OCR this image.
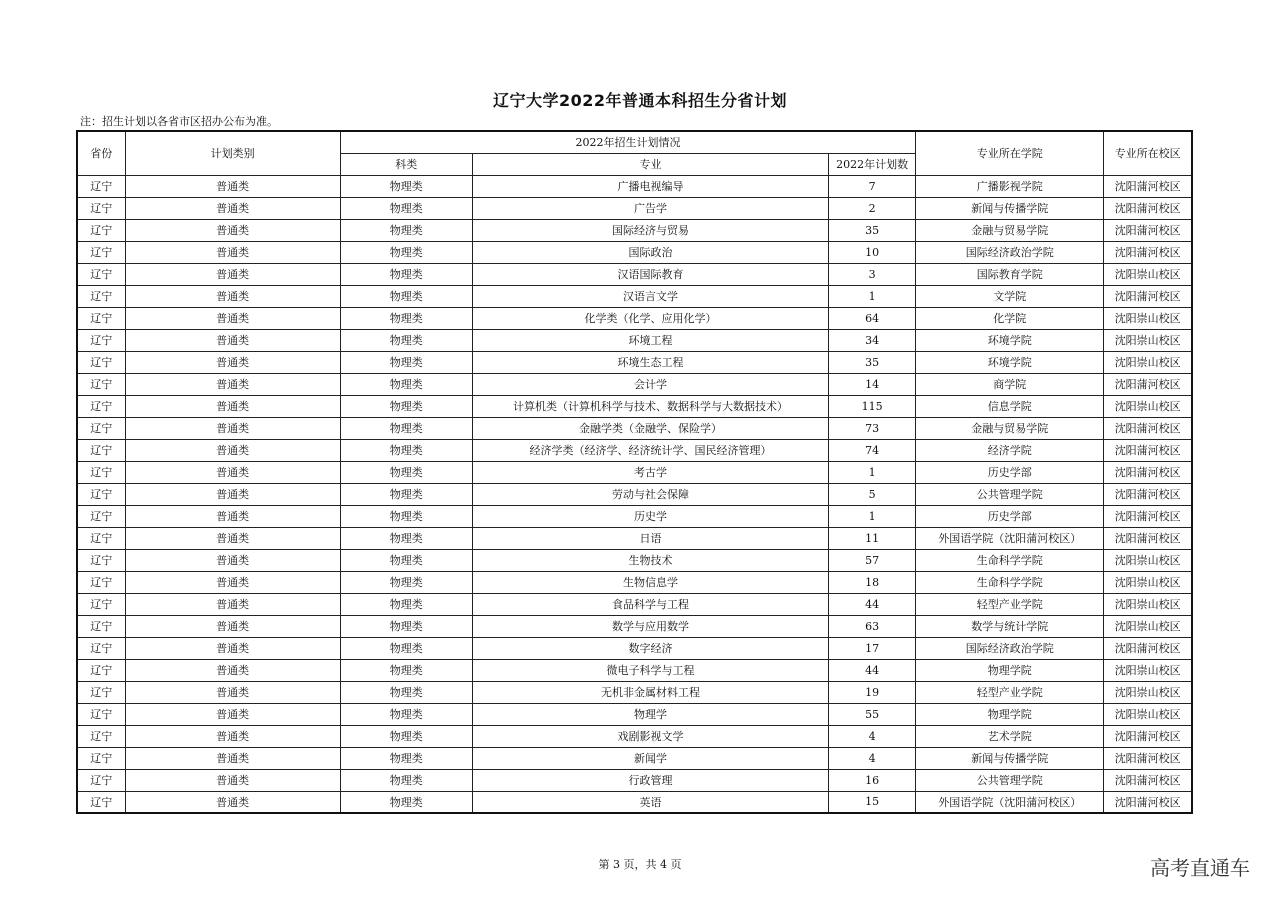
辽宁大学2022年普通本科招生分省计划
注：招生计划以各省市区招办公布为准。
省份	计划类别	2022年招生计划情况			专业所在学院	专业所在校区
		科类	专业	2022年计划数		
辽宁	普通类	物理类	广播电视编导	7	广播影视学院	沈阳蒲河校区
辽宁	普通类	物理类	广告学	2	新闻与传播学院	沈阳蒲河校区
辽宁	普通类	物理类	国际经济与贸易	35	金融与贸易学院	沈阳蒲河校区
辽宁	普通类	物理类	国际政治	10	国际经济政治学院	沈阳蒲河校区
辽宁	普通类	物理类	汉语国际教育	3	国际教育学院	沈阳崇山校区
辽宁	普通类	物理类	汉语言文学	1	文学院	沈阳蒲河校区
辽宁	普通类	物理类	化学类（化学、应用化学）	64	化学院	沈阳崇山校区
辽宁	普通类	物理类	环境工程	34	环境学院	沈阳崇山校区
辽宁	普通类	物理类	环境生态工程	35	环境学院	沈阳崇山校区
辽宁	普通类	物理类	会计学	14	商学院	沈阳蒲河校区
辽宁	普通类	物理类	计算机类（计算机科学与技术、数据科学与大数据技术）	115	信息学院	沈阳崇山校区
辽宁	普通类	物理类	金融学类（金融学、保险学）	73	金融与贸易学院	沈阳蒲河校区
辽宁	普通类	物理类	经济学类（经济学、经济统计学、国民经济管理）	74	经济学院	沈阳蒲河校区
辽宁	普通类	物理类	考古学	1	历史学部	沈阳蒲河校区
辽宁	普通类	物理类	劳动与社会保障	5	公共管理学院	沈阳蒲河校区
辽宁	普通类	物理类	历史学	1	历史学部	沈阳蒲河校区
辽宁	普通类	物理类	日语	11	外国语学院（沈阳蒲河校区）	沈阳蒲河校区
辽宁	普通类	物理类	生物技术	57	生命科学学院	沈阳崇山校区
辽宁	普通类	物理类	生物信息学	18	生命科学学院	沈阳崇山校区
辽宁	普通类	物理类	食品科学与工程	44	轻型产业学院	沈阳崇山校区
辽宁	普通类	物理类	数学与应用数学	63	数学与统计学院	沈阳崇山校区
辽宁	普通类	物理类	数字经济	17	国际经济政治学院	沈阳蒲河校区
辽宁	普通类	物理类	微电子科学与工程	44	物理学院	沈阳崇山校区
辽宁	普通类	物理类	无机非金属材料工程	19	轻型产业学院	沈阳崇山校区
辽宁	普通类	物理类	物理学	55	物理学院	沈阳崇山校区
辽宁	普通类	物理类	戏剧影视文学	4	艺术学院	沈阳蒲河校区
辽宁	普通类	物理类	新闻学	4	新闻与传播学院	沈阳蒲河校区
辽宁	普通类	物理类	行政管理	16	公共管理学院	沈阳蒲河校区
辽宁	普通类	物理类	英语	15	外国语学院（沈阳蒲河校区）	沈阳蒲河校区
第 3 页，共 4 页	高考直通车
